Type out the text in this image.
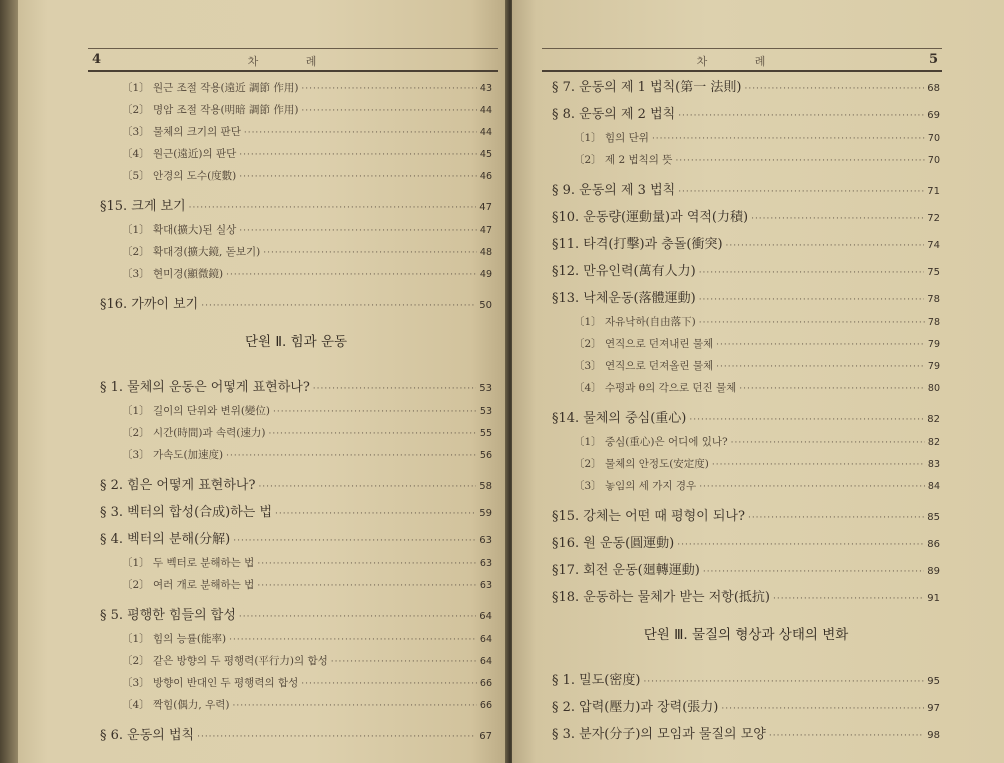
4	차 례
〔1〕 원근 조절 작용(遠近 調節 作用) ·····	43
〔2〕 명암 조절 작용(明暗 調節 作用) ·····	44
〔3〕 물체의 크기의 판단 ·····	44
〔4〕 원근(遠近)의 판단 ·····	45
〔5〕 안경의 도수(度數) ·····	46
§15. 크게 보기 ·····	47
〔1〕 확대(擴大)된 실상 ·····	47
〔2〕 확대경(擴大鏡, 돋보기) ·····	48
〔3〕 현미경(顯微鏡) ·····	49
§16. 가까이 보기 ·····	50
단원 Ⅱ. 힘과 운동
§ 1. 물체의 운동은 어떻게 표현하나? ·····	53
〔1〕 길이의 단위와 변위(變位) ·····	53
〔2〕 시간(時間)과 속력(速力) ·····	55
〔3〕 가속도(加速度) ·····	56
§ 2. 힘은 어떻게 표현하나? ·····	58
§ 3. 벡터의 합성(合成)하는 법 ·····	59
§ 4. 벡터의 분해(分解) ·····	63
〔1〕 두 벡터로 분해하는 법 ·····	63
〔2〕 여러 개로 분해하는 법 ·····	63
§ 5. 평행한 힘들의 합성 ·····	64
〔1〕 힘의 능률(能率) ·····	64
〔2〕 같은 방향의 두 평행력(平行力)의 합성 ·····	64
〔3〕 방향이 반대인 두 평행력의 합성 ·····	66
〔4〕 짝힘(偶力, 우력) ·····	66
§ 6. 운동의 법칙 ·····	67
차 례	5
§ 7. 운동의 제 1 법칙(第一 法則) ·····	68
§ 8. 운동의 제 2 법칙 ·····	69
〔1〕 힘의 단위 ·····	70
〔2〕 제 2 법칙의 뜻 ·····	70
§ 9. 운동의 제 3 법칙 ·····	71
§10. 운동량(運動量)과 역적(力積) ·····	72
§11. 타격(打擊)과 충돌(衝突) ·····	74
§12. 만유인력(萬有人力) ·····	75
§13. 낙체운동(落體運動) ·····	78
〔1〕 자유낙하(自由落下) ·····	78
〔2〕 연직으로 던져내린 물체 ·····	79
〔3〕 연직으로 던져올린 물체 ·····	79
〔4〕 수평과 θ의 각으로 던진 물체 ·····	80
§14. 물체의 중심(重心) ·····	82
〔1〕 중심(重心)은 어디에 있나? ·····	82
〔2〕 물체의 안정도(安定度) ·····	83
〔3〕 놓임의 세 가지 경우 ·····	84
§15. 강체는 어떤 때 평형이 되나? ·····	85
§16. 원 운동(圓運動) ·····	86
§17. 회전 운동(廻轉運動) ·····	89
§18. 운동하는 물체가 받는 저항(抵抗) ·····	91
단원 Ⅲ. 물질의 형상과 상태의 변화
§ 1. 밀도(密度) ·····	95
§ 2. 압력(壓力)과 장력(張力) ·····	97
§ 3. 분자(分子)의 모임과 물질의 모양 ·····	98
